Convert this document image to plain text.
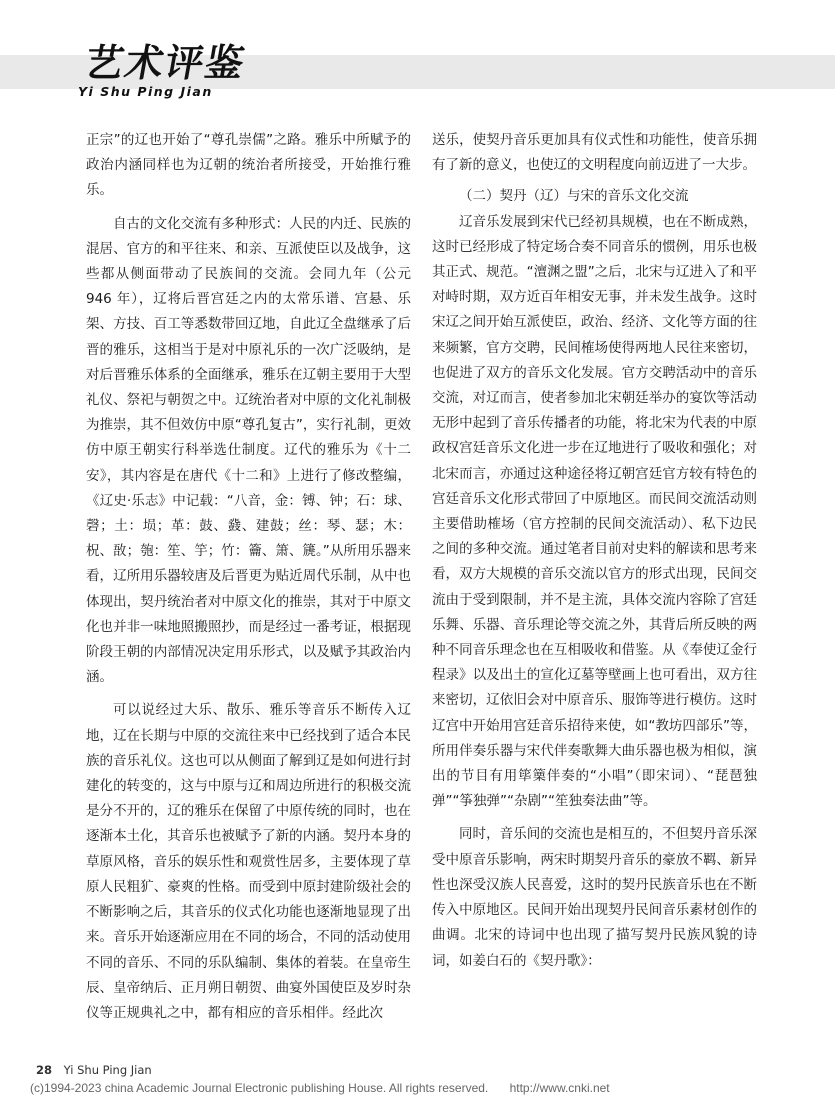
艺术评鉴
Yi Shu Ping Jian

正宗”的辽也开始了“尊孔崇儒”之路。雅乐中所赋予的政治内涵同样也为辽朝的统治者所接受，开始推行雅乐。

自古的文化交流有多种形式：人民的内迁、民族的混居、官方的和平往来、和亲、互派使臣以及战争，这些都从侧面带动了民族间的交流。会同九年（公元 946 年），辽将后晋宫廷之内的太常乐谱、宫悬、乐架、方技、百工等悉数带回辽地，自此辽全盘继承了后晋的雅乐，这相当于是对中原礼乐的一次广泛吸纳，是对后晋雅乐体系的全面继承，雅乐在辽朝主要用于大型礼仪、祭祀与朝贺之中。辽统治者对中原的文化礼制极为推崇，其不但效仿中原“尊孔复古”，实行礼制，更效仿中原王朝实行科举选仕制度。辽代的雅乐为《十二安》，其内容是在唐代《十二和》上进行了修改整编，《辽史·乐志》中记载：“八音，金：镈、钟；石：球、磬；土：埙；革：鼓、鼗、建鼓；丝：琴、瑟；木：柷、敔；匏：笙、竽；竹：籥、箫、篪。”从所用乐器来看，辽所用乐器较唐及后晋更为贴近周代乐制，从中也体现出，契丹统治者对中原文化的推崇，其对于中原文化也并非一味地照搬照抄，而是经过一番考证，根据现阶段王朝的内部情况决定用乐形式，以及赋予其政治内涵。

可以说经过大乐、散乐、雅乐等音乐不断传入辽地，辽在长期与中原的交流往来中已经找到了适合本民族的音乐礼仪。这也可以从侧面了解到辽是如何进行封建化的转变的，这与中原与辽和周边所进行的积极交流是分不开的，辽的雅乐在保留了中原传统的同时，也在逐渐本土化，其音乐也被赋予了新的内涵。契丹本身的草原风格，音乐的娱乐性和观赏性居多，主要体现了草原人民粗犷、豪爽的性格。而受到中原封建阶级社会的不断影响之后，其音乐的仪式化功能也逐渐地显现了出来。音乐开始逐渐应用在不同的场合，不同的活动使用不同的音乐、不同的乐队编制、集体的着装。在皇帝生辰、皇帝纳后、正月朔日朝贺、曲宴外国使臣及岁时杂仪等正规典礼之中，都有相应的音乐相伴。经此次

送乐，使契丹音乐更加具有仪式性和功能性，使音乐拥有了新的意义，也使辽的文明程度向前迈进了一大步。

（二）契丹（辽）与宋的音乐文化交流

辽音乐发展到宋代已经初具规模，也在不断成熟，这时已经形成了特定场合奏不同音乐的惯例，用乐也极其正式、规范。“澶渊之盟”之后，北宋与辽进入了和平对峙时期，双方近百年相安无事，并未发生战争。这时宋辽之间开始互派使臣，政治、经济、文化等方面的往来频繁，官方交聘，民间榷场使得两地人民往来密切，也促进了双方的音乐文化发展。官方交聘活动中的音乐交流，对辽而言，使者参加北宋朝廷举办的宴饮等活动无形中起到了音乐传播者的功能，将北宋为代表的中原政权宫廷音乐文化进一步在辽地进行了吸收和强化；对北宋而言，亦通过这种途径将辽朝宫廷官方较有特色的宫廷音乐文化形式带回了中原地区。而民间交流活动则主要借助榷场（官方控制的民间交流活动）、私下边民之间的多种交流。通过笔者目前对史料的解读和思考来看，双方大规模的音乐交流以官方的形式出现，民间交流由于受到限制，并不是主流，具体交流内容除了宫廷乐舞、乐器、音乐理论等交流之外，其背后所反映的两种不同音乐理念也在互相吸收和借鉴。从《奉使辽金行程录》以及出土的宣化辽墓等壁画上也可看出，双方往来密切，辽依旧会对中原音乐、服饰等进行模仿。这时辽宫中开始用宫廷音乐招待来使，如“教坊四部乐”等，所用伴奏乐器与宋代伴奏歌舞大曲乐器也极为相似，演出的节目有用筚篥伴奏的“小唱”（即宋词）、“琵琶独弹”“筝独弹”“杂剧”“笙独奏法曲”等。

同时，音乐间的交流也是相互的，不但契丹音乐深受中原音乐影响，两宋时期契丹音乐的豪放不羁、新异性也深受汉族人民喜爱，这时的契丹民族音乐也在不断传入中原地区。民间开始出现契丹民间音乐素材创作的曲调。北宋的诗词中也出现了描写契丹民族风貌的诗词，如姜白石的《契丹歌》：

28 Yi Shu Ping Jian
(c)1994-2023 china Academic Journal Electronic publishing House. All rights reserved. http://www.cnki.net
